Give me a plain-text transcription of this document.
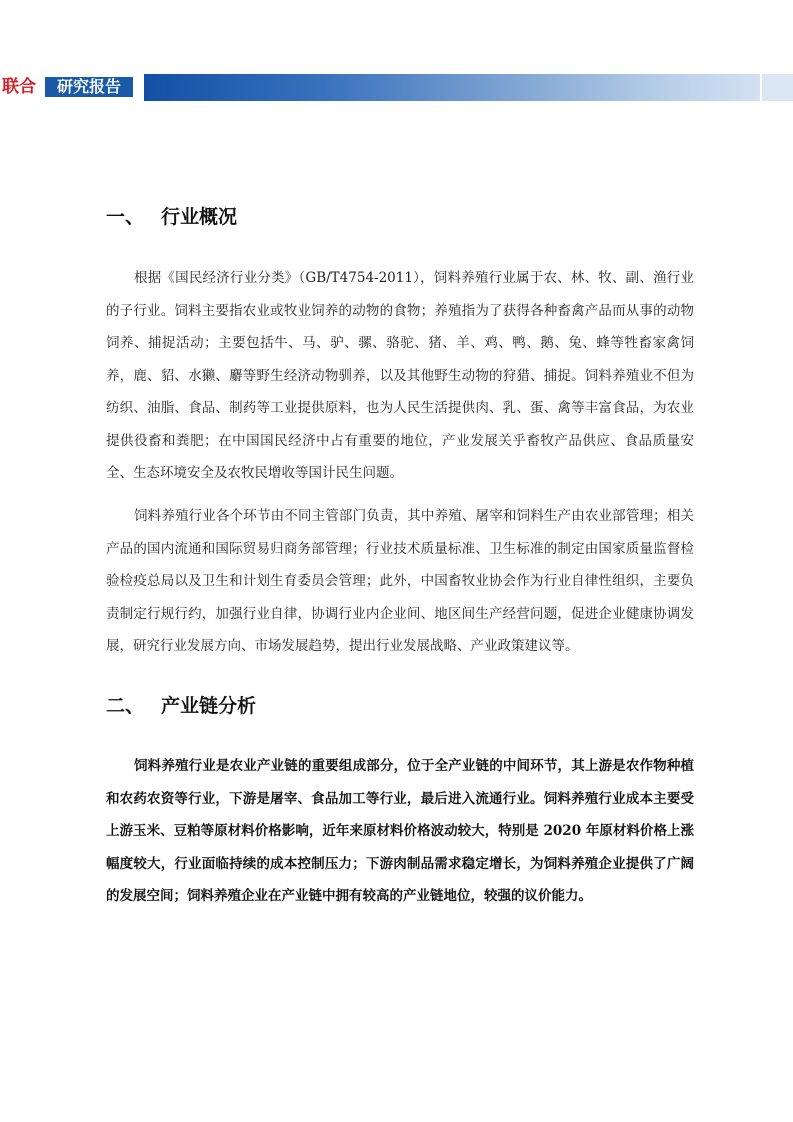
联合	研究报告
一、 行业概况

根据《国民经济行业分类》（GB/T4754-2011），饲料养殖行业属于农、林、牧、副、渔行业的子行业。饲料主要指农业或牧业饲养的动物的食物；养殖指为了获得各种畜禽产品而从事的动物饲养、捕捉活动；主要包括牛、马、驴、骡、骆驼、猪、羊、鸡、鸭、鹅、兔、蜂等牲畜家禽饲养，鹿、貂、水獭、麝等野生经济动物驯养，以及其他野生动物的狩猎、捕捉。饲料养殖业不但为纺织、油脂、食品、制药等工业提供原料，也为人民生活提供肉、乳、蛋、禽等丰富食品，为农业提供役畜和粪肥；在中国国民经济中占有重要的地位，产业发展关乎畜牧产品供应、食品质量安全、生态环境安全及农牧民增收等国计民生问题。

饲料养殖行业各个环节由不同主管部门负责，其中养殖、屠宰和饲料生产由农业部管理；相关产品的国内流通和国际贸易归商务部管理；行业技术质量标准、卫生标准的制定由国家质量监督检验检疫总局以及卫生和计划生育委员会管理；此外，中国畜牧业协会作为行业自律性组织，主要负责制定行规行约，加强行业自律，协调行业内企业间、地区间生产经营问题，促进企业健康协调发展，研究行业发展方向、市场发展趋势，提出行业发展战略、产业政策建议等。

二、 产业链分析

饲料养殖行业是农业产业链的重要组成部分，位于全产业链的中间环节，其上游是农作物种植和农药农资等行业，下游是屠宰、食品加工等行业，最后进入流通行业。饲料养殖行业成本主要受上游玉米、豆粕等原材料价格影响，近年来原材料价格波动较大，特别是 2020 年原材料价格上涨幅度较大，行业面临持续的成本控制压力；下游肉制品需求稳定增长，为饲料养殖企业提供了广阔的发展空间；饲料养殖企业在产业链中拥有较高的产业链地位，较强的议价能力。
